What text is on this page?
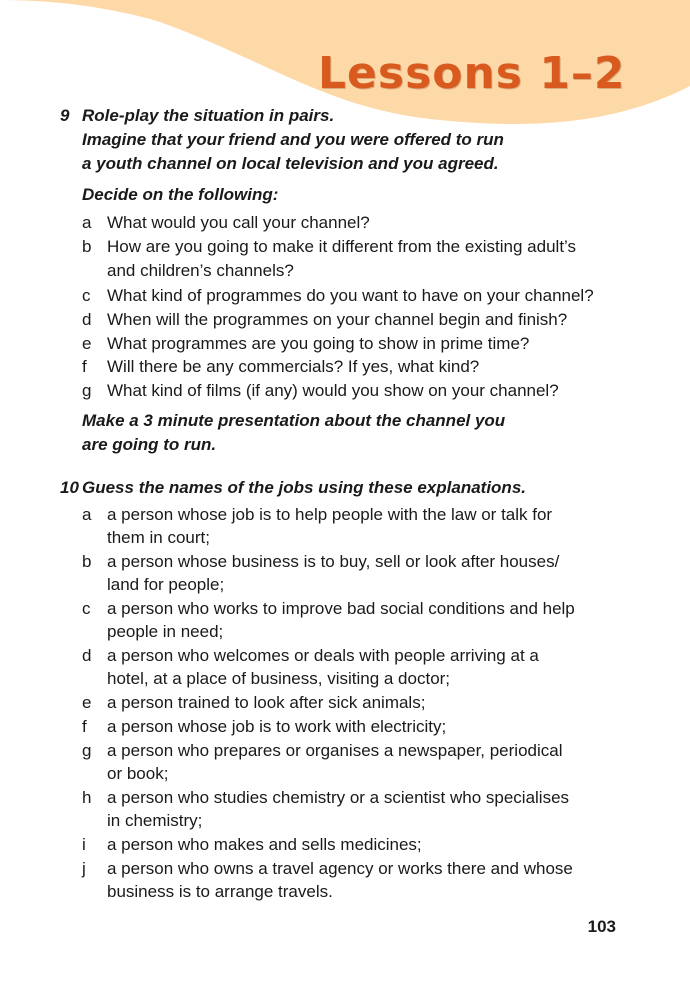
Lessons 1–2
9 Role-play the situation in pairs.
Imagine that your friend and you were offered to run
a youth channel on local television and you agreed.
Decide on the following:
a What would you call your channel?
b How are you going to make it different from the existing adult’s
and children’s channels?
c What kind of programmes do you want to have on your channel?
d When will the programmes on your channel begin and finish?
e What programmes are you going to show in prime time?
f	Will there be any commercials? If yes, what kind?
g What kind of films (if any) would you show on your channel?
Make a 3 minute presentation about the channel you
are going to run.
10 Guess the names of the jobs using these explanations.
a a person whose job is to help people with the law or talk for
them in court;
b a person whose business is to buy, sell or look after houses/
land for people;
c a person who works to improve bad social conditions and help
people in need;
d a person who welcomes or deals with people arriving at a
hotel, at a place of business, visiting a doctor;
e a person trained to look after sick animals;
f	a person whose job is to work with electricity;
g a person who prepares or organises a newspaper, periodical
or book;
h a person who studies chemistry or a scientist who specialises
in chemistry;
i	a person who makes and sells medicines;
j	a person who owns a travel agency or works there and whose
business is to arrange travels.
103
